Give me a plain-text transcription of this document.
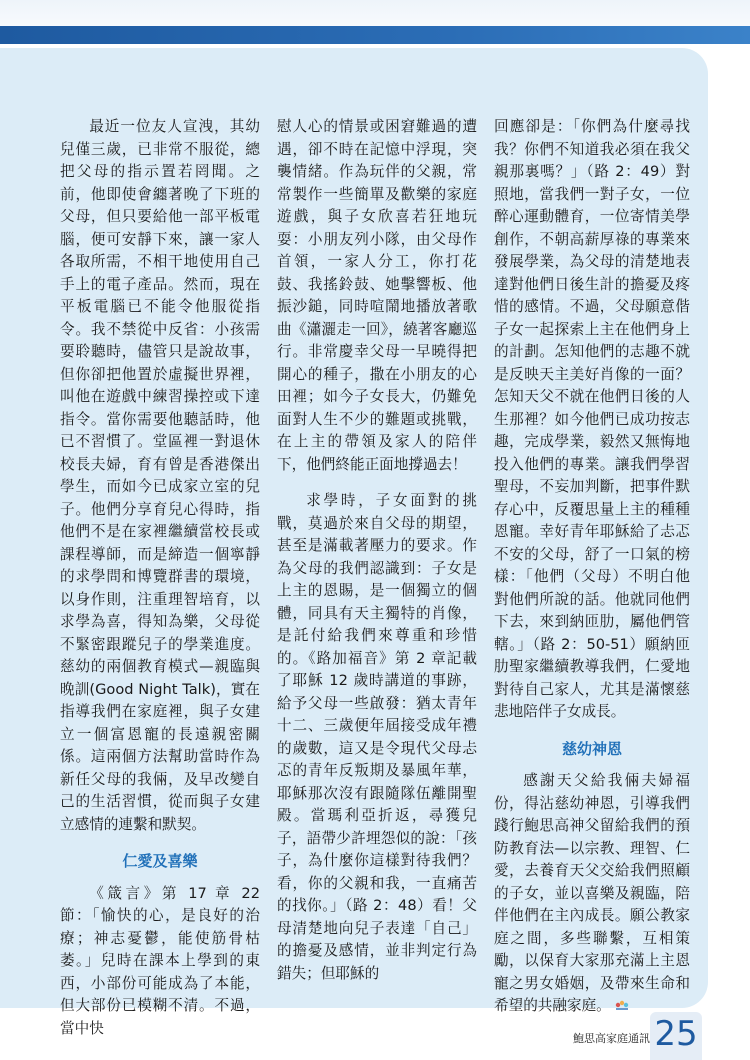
最近一位友人宣洩，其幼兒僅三歲，已非常不服從，總把父母的指示置若罔聞。之前，他即使會纏著晚了下班的父母，但只要給他一部平板電腦，便可安靜下來，讓一家人各取所需，不相干地使用自己手上的電子產品。然而，現在平板電腦已不能令他服從指令。我不禁從中反省：小孩需要聆聽時，儘管只是說故事，但你卻把他置於虛擬世界裡，叫他在遊戲中練習操控或下達指令。當你需要他聽話時，他已不習慣了。堂區裡一對退休校長夫婦，育有曾是香港傑出學生，而如今已成家立室的兒子。他們分享育兒心得時，指他們不是在家裡繼續當校長或課程導師，而是締造一個寧靜的求學問和博覽群書的環境，以身作則，注重理智培育，以求學為喜，得知為樂，父母從不緊密跟蹤兒子的學業進度。慈幼的兩個教育模式—親臨與晚訓(Good Night Talk)，實在指導我們在家庭裡，與子女建立一個富恩寵的長遠親密關係。這兩個方法幫助當時作為新任父母的我倆，及早改變自己的生活習慣，從而與子女建立感情的連繫和默契。

仁愛及喜樂

《箴言》第 17 章 22 節：「愉快的心，是良好的治療；神志憂鬱，能使筋骨枯萎。」兒時在課本上學到的東西，小部份可能成為了本能，但大部份已模糊不清。不過，當中快

慰人心的情景或困窘難過的遭遇，卻不時在記憶中浮現，突襲情緒。作為玩伴的父親，常常製作一些簡單及歡樂的家庭遊戲，與子女欣喜若狂地玩耍：小朋友列小隊，由父母作首領，一家人分工，你打花鼓、我搖鈴鼓、她擊響板、他振沙鎚，同時喧鬧地播放著歌曲《瀟灑走一回》，繞著客廳巡行。非常慶幸父母一早曉得把開心的種子，撒在小朋友的心田裡；如今子女長大，仍難免面對人生不少的難題或挑戰，在上主的帶領及家人的陪伴下，他們終能正面地撐過去！

求學時，子女面對的挑戰，莫過於來自父母的期望，甚至是滿載著壓力的要求。作為父母的我們認識到：子女是上主的恩賜，是一個獨立的個體，同具有天主獨特的肖像，是託付給我們來尊重和珍惜的。《路加福音》第 2 章記載了耶穌 12 歲時講道的事跡，給予父母一些啟發：猶太青年十二、三歲便年屆接受成年禮的歲數，這又是令現代父母忐忑的青年反叛期及暴風年華，耶穌那次沒有跟隨隊伍離開聖殿。當瑪利亞折返，尋獲兒子，語帶少許埋怨似的說：「孩子，為什麼你這樣對待我們？看，你的父親和我，一直痛苦的找你。」（路 2：48）看！父母清楚地向兒子表達「自己」的擔憂及感情，並非判定行為錯失；但耶穌的

回應卻是：「你們為什麼尋找我？你們不知道我必須在我父親那裏嗎？」（路 2：49）對照地，當我們一對子女，一位醉心運動體育，一位寄情美學創作，不朝高薪厚祿的專業來發展學業，為父母的清楚地表達對他們日後生計的擔憂及疼惜的感情。不過，父母願意偕子女一起探索上主在他們身上的計劃。怎知他們的志趣不就是反映天主美好肖像的一面？怎知天父不就在他們日後的人生那裡？如今他們已成功按志趣，完成學業，毅然又無悔地投入他們的專業。讓我們學習聖母，不妄加判斷，把事件默存心中，反覆思量上主的種種恩寵。幸好青年耶穌給了忐忑不安的父母，舒了一口氣的榜樣：「他們（父母）不明白他對他們所說的話。他就同他們下去，來到納匝肋，屬他們管轄。」（路 2：50-51）願納匝肋聖家繼續教導我們，仁愛地對待自己家人，尤其是滿懷慈悲地陪伴子女成長。

慈幼神恩

感謝天父給我倆夫婦福份，得沾慈幼神恩，引導我們踐行鮑思高神父留給我們的預防教育法—以宗教、理智、仁愛，去養育天父交給我們照顧的子女，並以喜樂及親臨，陪伴他們在主內成長。願公教家庭之間，多些聯繫，互相策勵，以保育大家那充滿上主恩寵之男女婚姻，及帶來生命和希望的共融家庭。

鮑思高家庭通訊 25
